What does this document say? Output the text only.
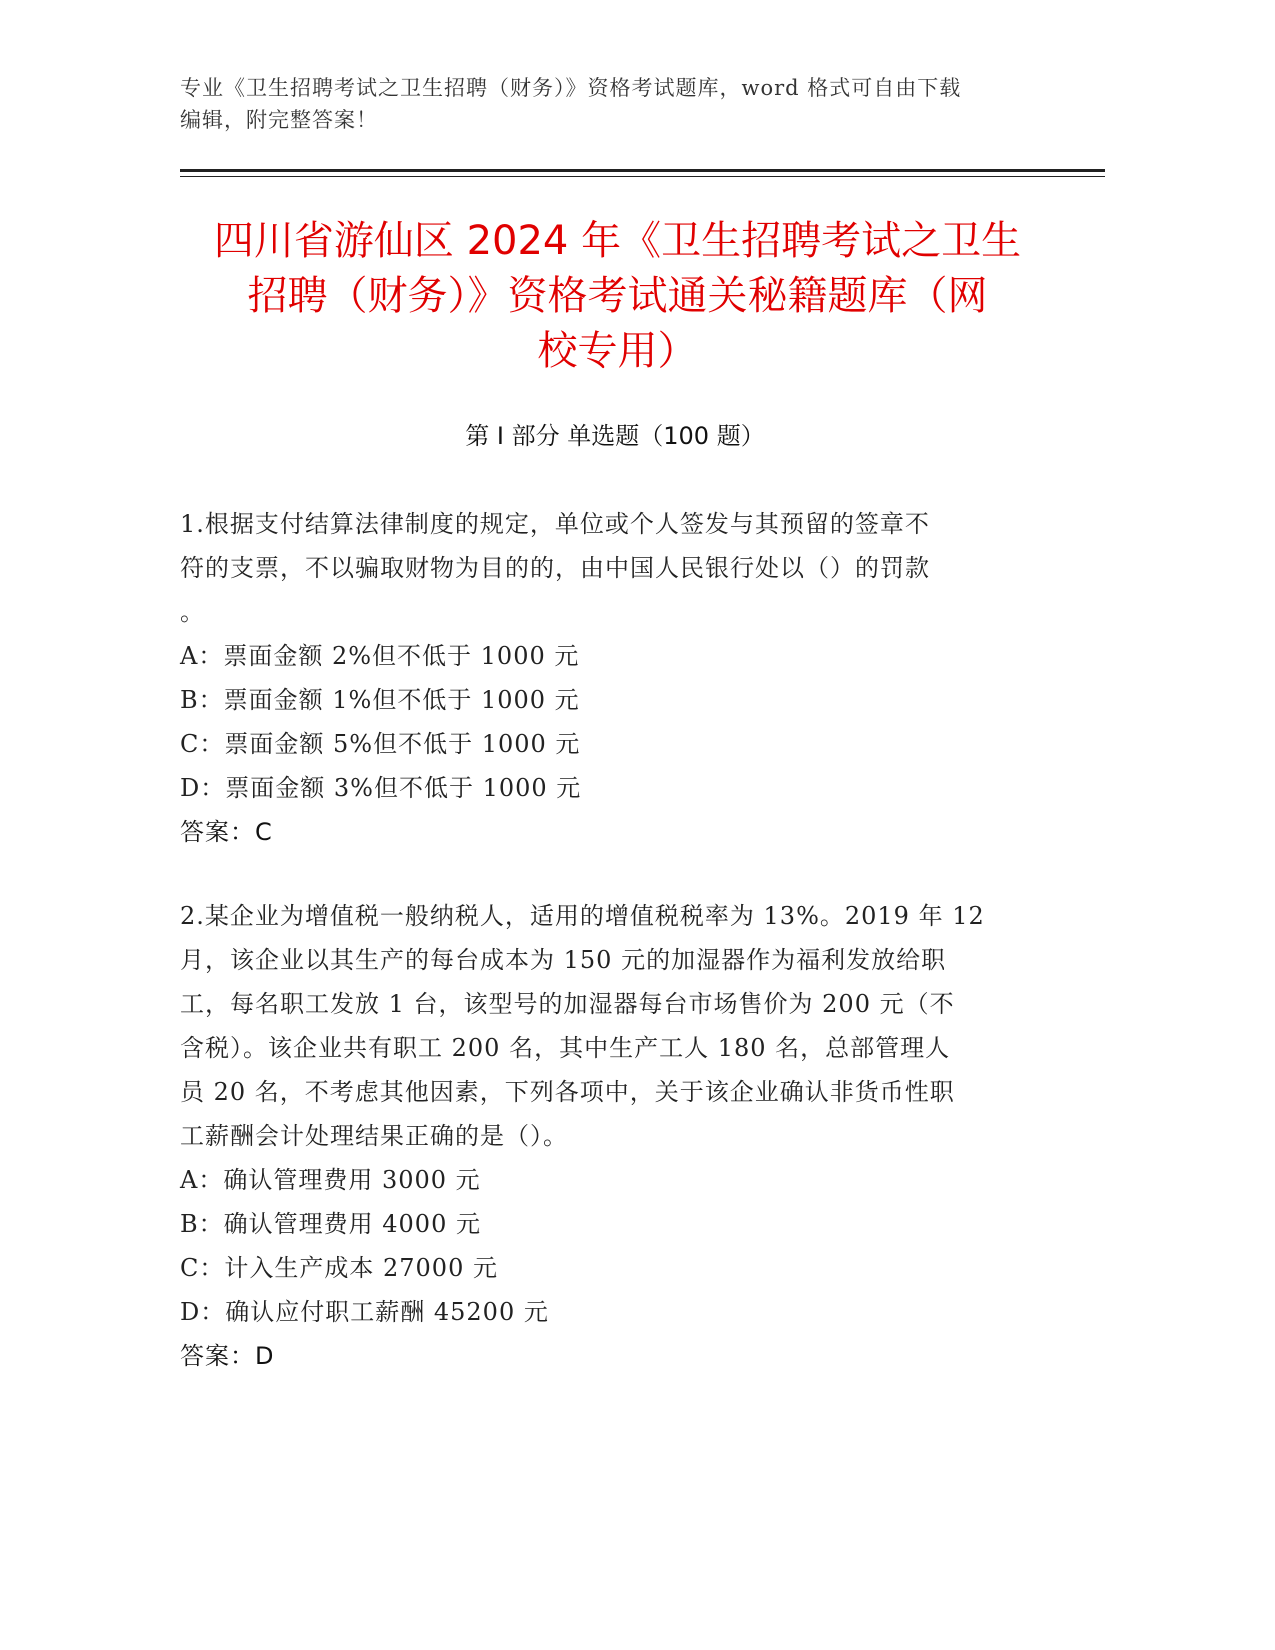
专业《卫生招聘考试之卫生招聘（财务）》资格考试题库，word 格式可自由下载
编辑，附完整答案！
四川省游仙区 2024 年《卫生招聘考试之卫生
招聘（财务）》资格考试通关秘籍题库（网
校专用）
第 I 部分 单选题（100 题）

1.根据支付结算法律制度的规定，单位或个人签发与其预留的签章不

符的支票，不以骗取财物为目的的，由中国人民银行处以（）的罚款

。

A：票面金额 2%但不低于 1000 元

B：票面金额 1%但不低于 1000 元

C：票面金额 5%但不低于 1000 元

D：票面金额 3%但不低于 1000 元

答案：C

2.某企业为增值税一般纳税人，适用的增值税税率为 13%。2019 年 12

月，该企业以其生产的每台成本为 150 元的加湿器作为福利发放给职

工，每名职工发放 1 台，该型号的加湿器每台市场售价为 200 元（不

含税）。该企业共有职工 200 名，其中生产工人 180 名，总部管理人

员 20 名，不考虑其他因素，下列各项中，关于该企业确认非货币性职

工薪酬会计处理结果正确的是（）。

A：确认管理费用 3000 元

B：确认管理费用 4000 元

C：计入生产成本 27000 元

D：确认应付职工薪酬 45200 元

答案：D
